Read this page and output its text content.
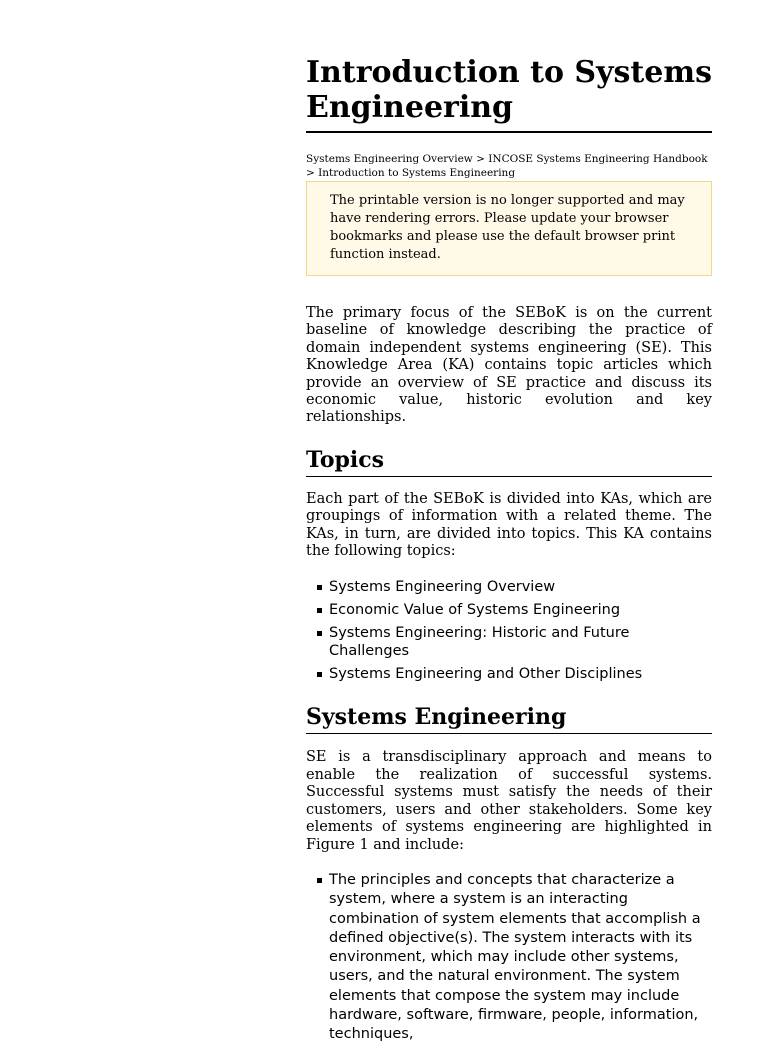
Introduction to Systems Engineering
Systems Engineering Overview > INCOSE Systems Engineering Handbook > Introduction to Systems Engineering
The printable version is no longer supported and may have rendering errors. Please update your browser bookmarks and please use the default browser print function instead.

The primary focus of the SEBoK is on the current baseline of knowledge describing the practice of domain independent systems engineering (SE). This Knowledge Area (KA) contains topic articles which provide an overview of SE practice and discuss its economic value, historic evolution and key relationships.

Topics

Each part of the SEBoK is divided into KAs, which are groupings of information with a related theme. The KAs, in turn, are divided into topics. This KA contains the following topics:

Systems Engineering Overview
Economic Value of Systems Engineering
Systems Engineering: Historic and Future Challenges
Systems Engineering and Other Disciplines
Systems Engineering

SE is a transdisciplinary approach and means to enable the realization of successful systems. Successful systems must satisfy the needs of their customers, users and other stakeholders. Some key elements of systems engineering are highlighted in Figure 1 and include:

The principles and concepts that characterize a system, where a system is an interacting combination of system elements that accomplish a defined objective(s). The system interacts with its environment, which may include other systems, users, and the natural environment. The system elements that compose the system may include hardware, software, firmware, people, information, techniques,
